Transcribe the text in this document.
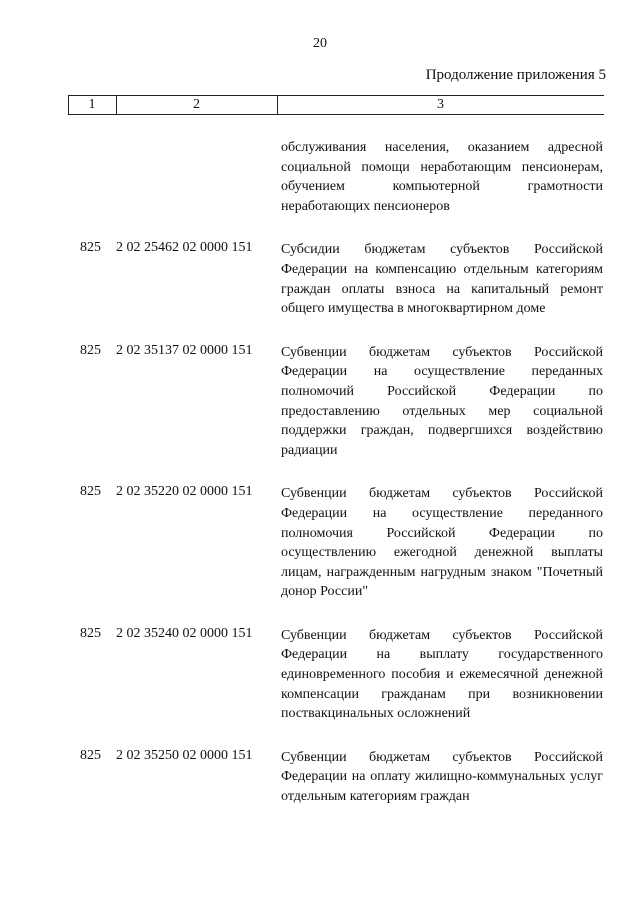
20
Продолжение приложения 5
1	2	3
обслуживания населения, оказанием адресной социальной помощи неработающим пенсионерам, обучением компьютерной грамотности неработающих пенсионеров
825 2 02 25462 02 0000 151 Субсидии бюджетам субъектов Российской Федерации на компенсацию отдельным категориям граждан оплаты взноса на капитальный ремонт общего имущества в многоквартирном доме
825 2 02 35137 02 0000 151 Субвенции бюджетам субъектов Российской Федерации на осуществление переданных полномочий Российской Федерации по предоставлению отдельных мер социальной поддержки граждан, подвергшихся воздействию радиации
825 2 02 35220 02 0000 151 Субвенции бюджетам субъектов Российской Федерации на осуществление переданного полномочия Российской Федерации по осуществлению ежегодной денежной выплаты лицам, награжденным нагрудным знаком "Почетный донор России"
825 2 02 35240 02 0000 151 Субвенции бюджетам субъектов Российской Федерации на выплату государственного единовременного пособия и ежемесячной денежной компенсации гражданам при возникновении поствакцинальных осложнений
825 2 02 35250 02 0000 151 Субвенции бюджетам субъектов Российской Федерации на оплату жилищно-коммунальных услуг отдельным категориям граждан
